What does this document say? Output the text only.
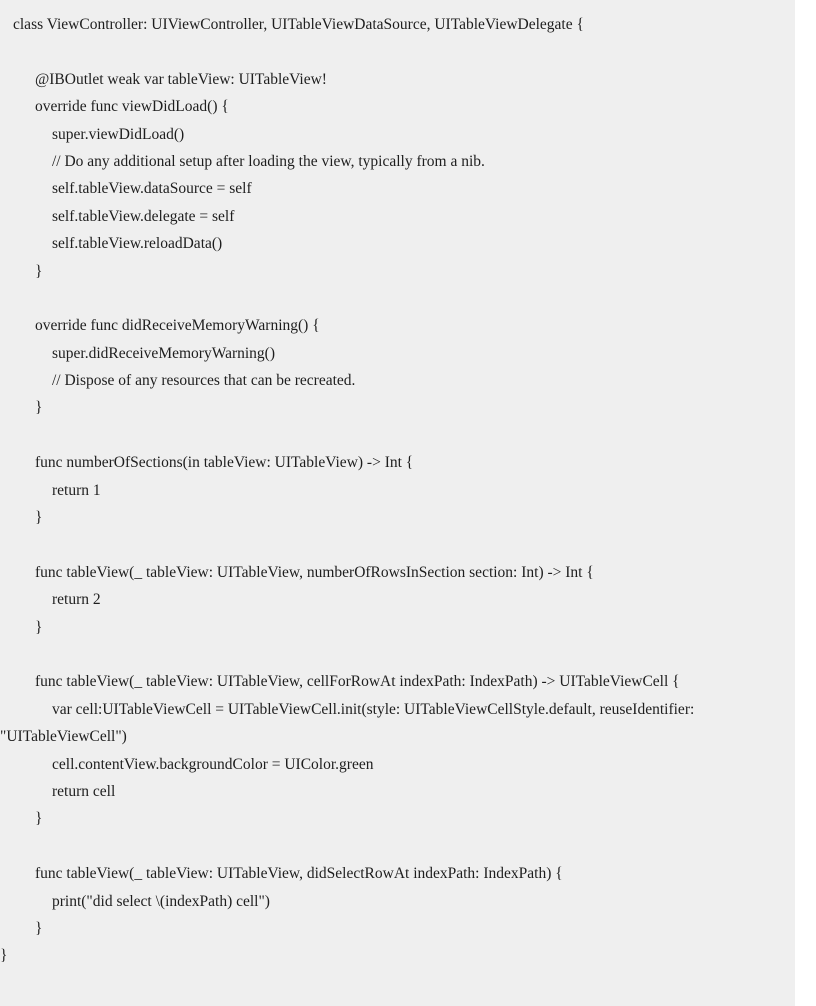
class ViewController: UIViewController, UITableViewDataSource, UITableViewDelegate {
@IBOutlet weak var tableView: UITableView!
override func viewDidLoad() {
super.viewDidLoad()
// Do any additional setup after loading the view, typically from a nib.
self.tableView.dataSource = self
self.tableView.delegate = self
self.tableView.reloadData()
}
override func didReceiveMemoryWarning() {
super.didReceiveMemoryWarning()
// Dispose of any resources that can be recreated.
}
func numberOfSections(in tableView: UITableView) -> Int {
return 1
}
func tableView(_ tableView: UITableView, numberOfRowsInSection section: Int) -> Int {
return 2
}
func tableView(_ tableView: UITableView, cellForRowAt indexPath: IndexPath) -> UITableViewCell {
var cell:UITableViewCell = UITableViewCell.init(style: UITableViewCellStyle.default, reuseIdentifier:
"UITableViewCell")
cell.contentView.backgroundColor = UIColor.green
return cell
}
func tableView(_ tableView: UITableView, didSelectRowAt indexPath: IndexPath) {
print("did select \(indexPath) cell")
}
}
